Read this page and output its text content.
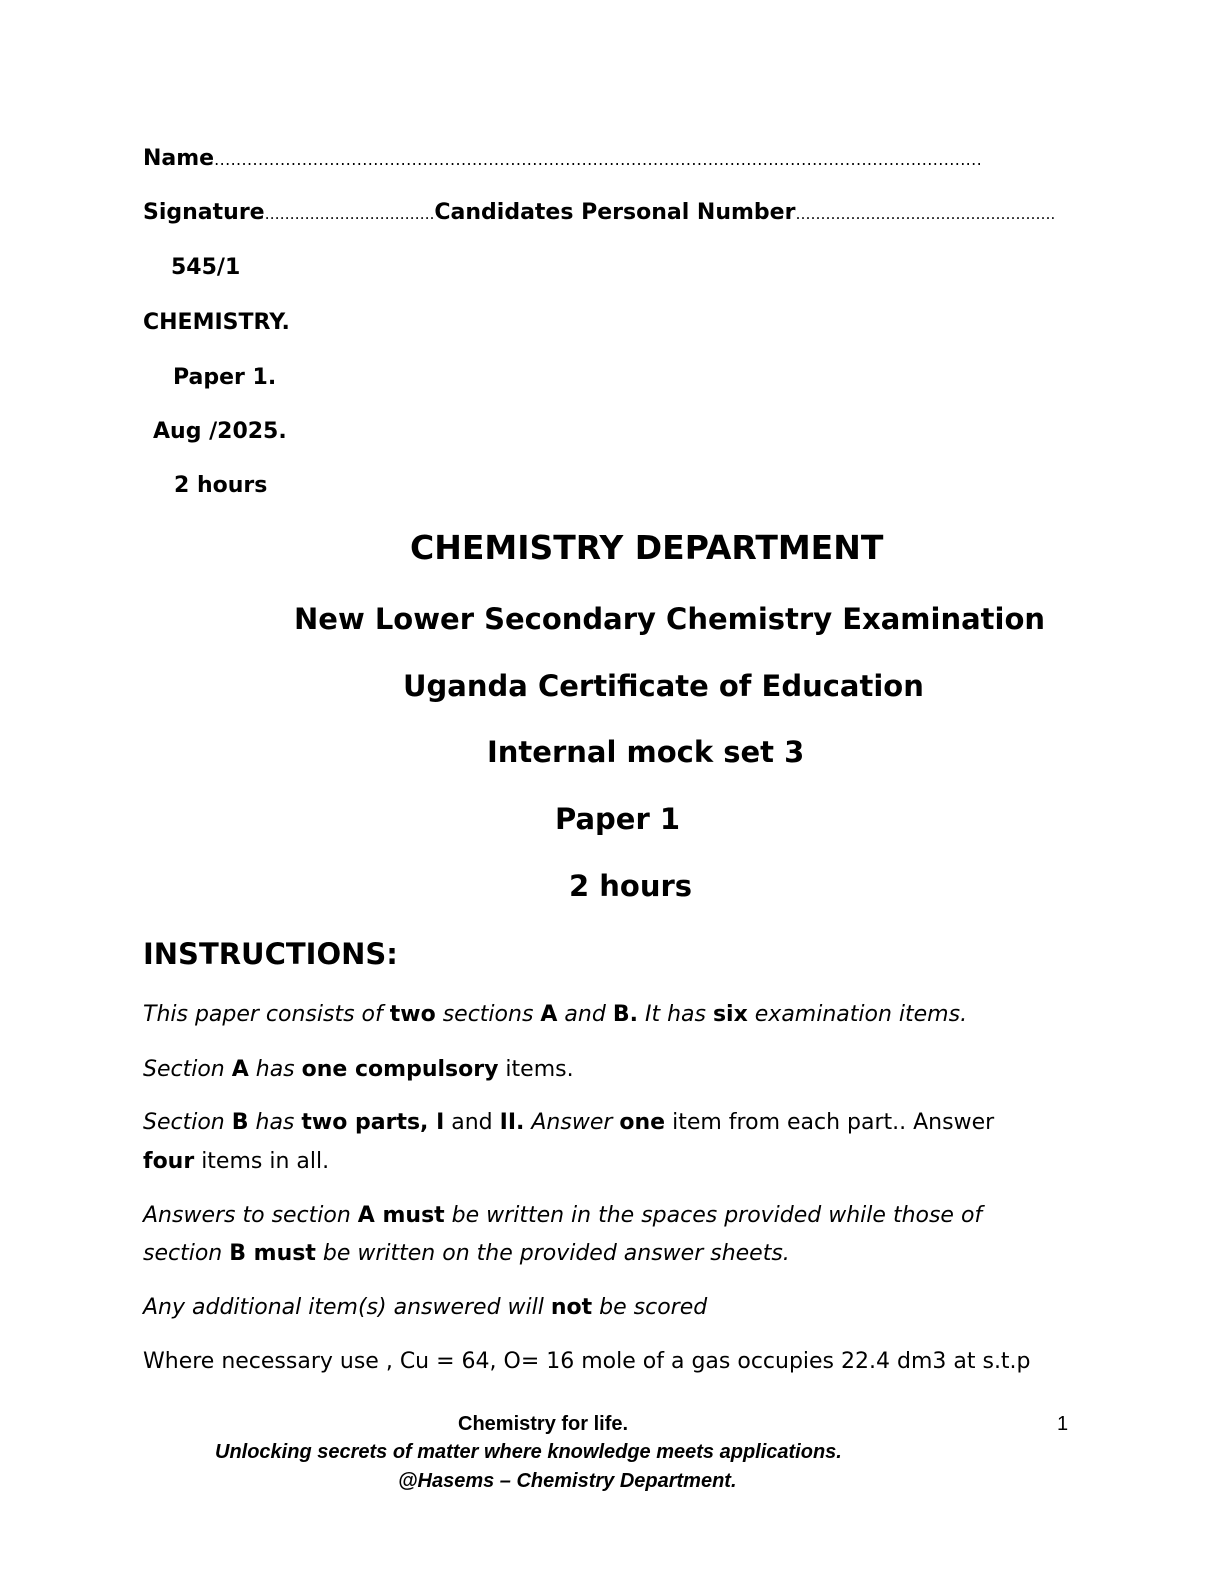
Name............................................................................................................................................
Signature…………………………….Candidates Personal Number…………………………………………….
545/1
CHEMISTRY.
Paper 1.
Aug /2025.
2 hours
CHEMISTRY DEPARTMENT
New Lower Secondary Chemistry Examination
Uganda Certificate of Education
Internal mock set 3
Paper 1
2 hours
INSTRUCTIONS:
This paper consists of two sections A and B. It has six examination items.
Section A has one compulsory items.
Section B has two parts, I and II. Answer one item from each part.. Answer
four items in all.
Answers to section A must be written in the spaces provided while those of
section B must be written on the provided answer sheets.
Any additional item(s) answered will not be scored
Where necessary use , Cu = 64, O= 16 mole of a gas occupies 22.4 dm3 at s.t.p
Chemistry for life.	1
Unlocking secrets of matter where knowledge meets applications.
@Hasems – Chemistry Department.
